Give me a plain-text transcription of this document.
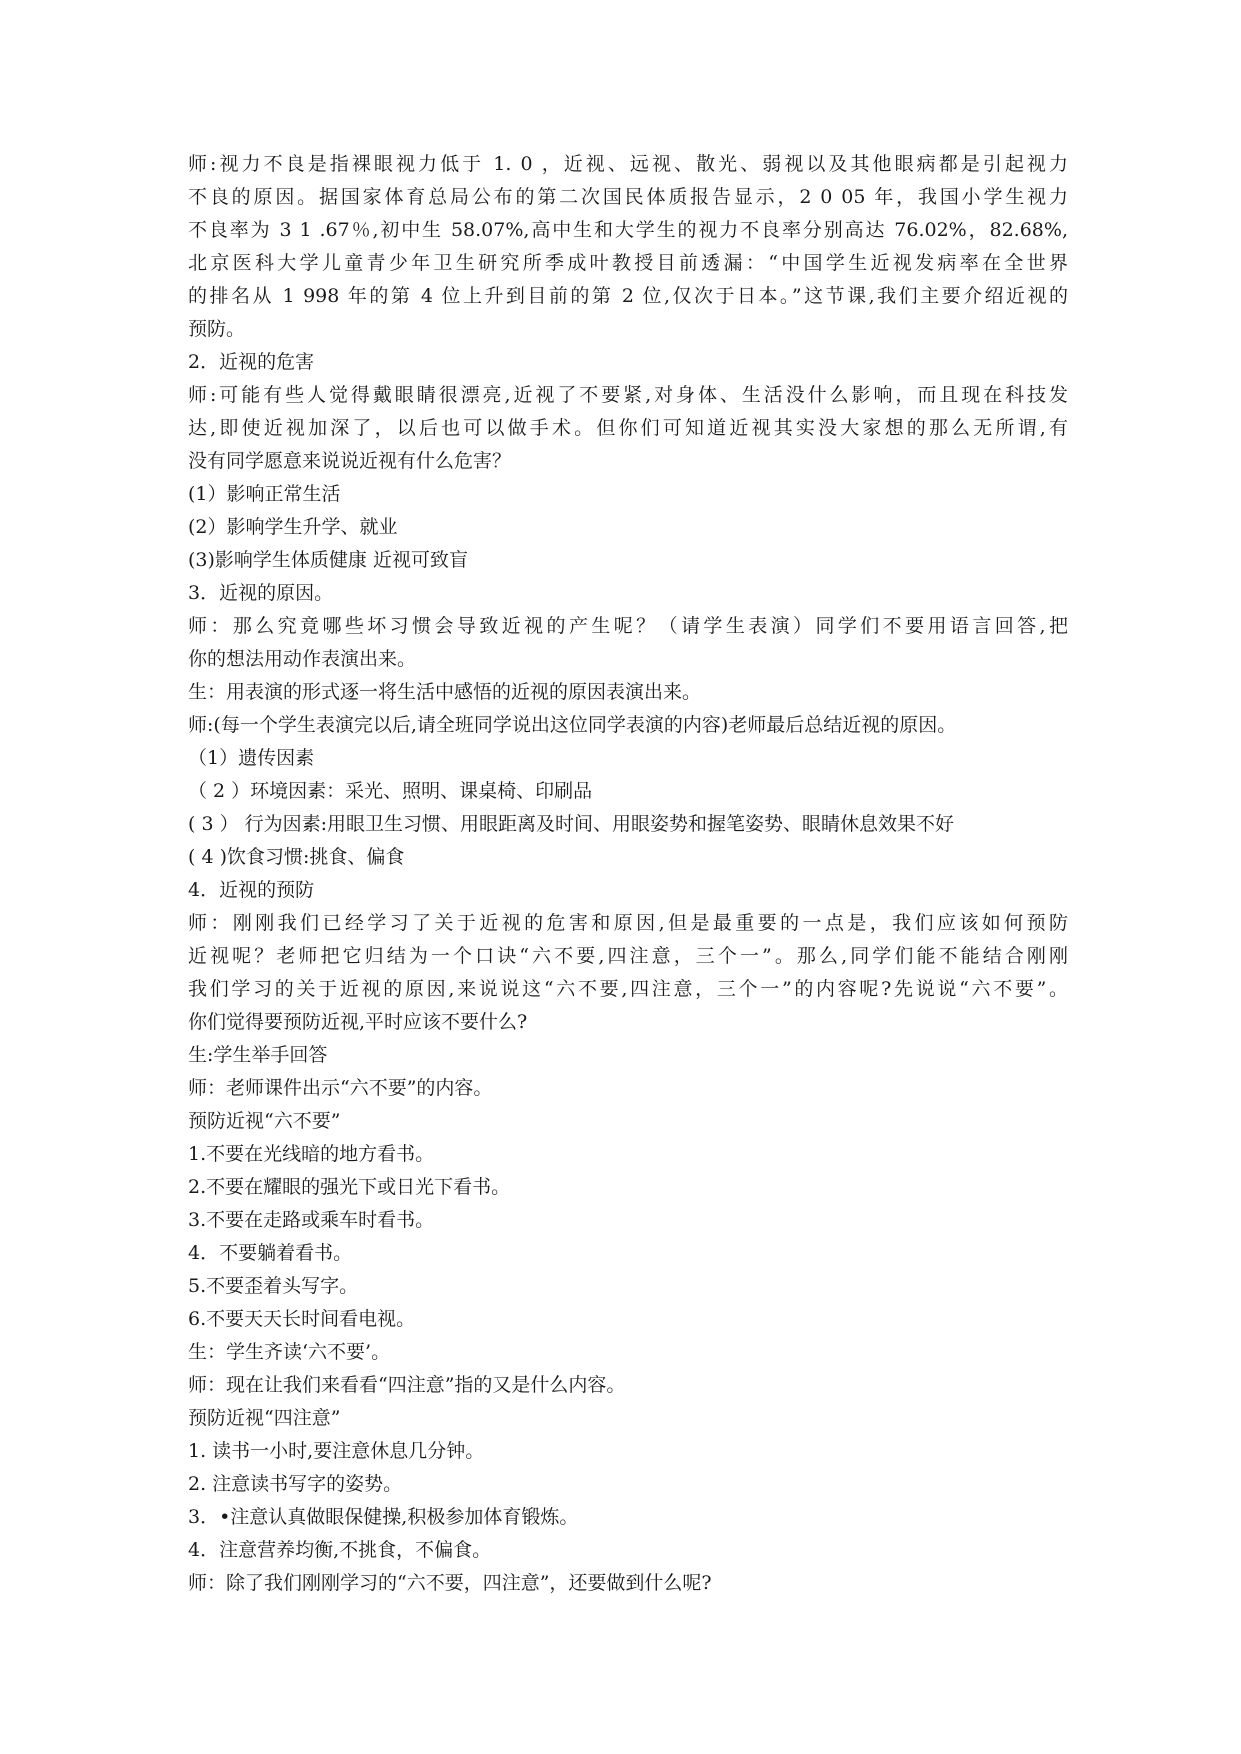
师:视力不良是指裸眼视力低于 1. 0 ，近视、远视、散光、弱视以及其他眼病都是引起视力
不良的原因。据国家体育总局公布的第二次国民体质报告显示，2 0 05 年，我国小学生视力
不良率为 3 1 .67％,初中生 58.07%,高中生和大学生的视力不良率分别高达 76.02%，82.68%,
北京医科大学儿童青少年卫生研究所季成叶教授目前透漏：“中国学生近视发病率在全世界
的排名从 1 998 年的第 4 位上升到目前的第 2 位,仅次于日本。”这节课,我们主要介绍近视的
预防。
2．近视的危害
师:可能有些人觉得戴眼睛很漂亮,近视了不要紧,对身体、生活没什么影响，而且现在科技发
达,即使近视加深了，以后也可以做手术。但你们可知道近视其实没大家想的那么无所谓,有
没有同学愿意来说说近视有什么危害？
(1）影响正常生活
(2）影响学生升学、就业
(3)影响学生体质健康 近视可致盲
3．近视的原因。
师：那么究竟哪些坏习惯会导致近视的产生呢？（请学生表演）同学们不要用语言回答,把
你的想法用动作表演出来。
生：用表演的形式逐一将生活中感悟的近视的原因表演出来。
师:(每一个学生表演完以后,请全班同学说出这位同学表演的内容)老师最后总结近视的原因。
（1）遗传因素
（ 2 ）环境因素：采光、照明、课桌椅、印刷品
( 3 ） 行为因素:用眼卫生习惯、用眼距离及时间、用眼姿势和握笔姿势、眼睛休息效果不好
( 4 )饮食习惯:挑食、偏食
4．近视的预防
师：刚刚我们已经学习了关于近视的危害和原因,但是最重要的一点是，我们应该如何预防
近视呢？老师把它归结为一个口诀“六不要,四注意，三个一”。那么,同学们能不能结合刚刚
我们学习的关于近视的原因,来说说这“六不要,四注意，三个一”的内容呢?先说说“六不要”。
你们觉得要预防近视,平时应该不要什么?
生:学生举手回答
师：老师课件出示“六不要”的内容。
预防近视“六不要”
1.不要在光线暗的地方看书。
2.不要在耀眼的强光下或日光下看书。
3.不要在走路或乘车时看书。
4．不要躺着看书。
5.不要歪着头写字。
6.不要天天长时间看电视。
生：学生齐读‘六不要’。
师：现在让我们来看看“四注意”指的又是什么内容。
预防近视“四注意”
1. 读书一小时,要注意休息几分钟。
2. 注意读书写字的姿势。
3．•注意认真做眼保健操,积极参加体育锻炼。
4．注意营养均衡,不挑食，不偏食。
师：除了我们刚刚学习的“六不要，四注意”，还要做到什么呢?
